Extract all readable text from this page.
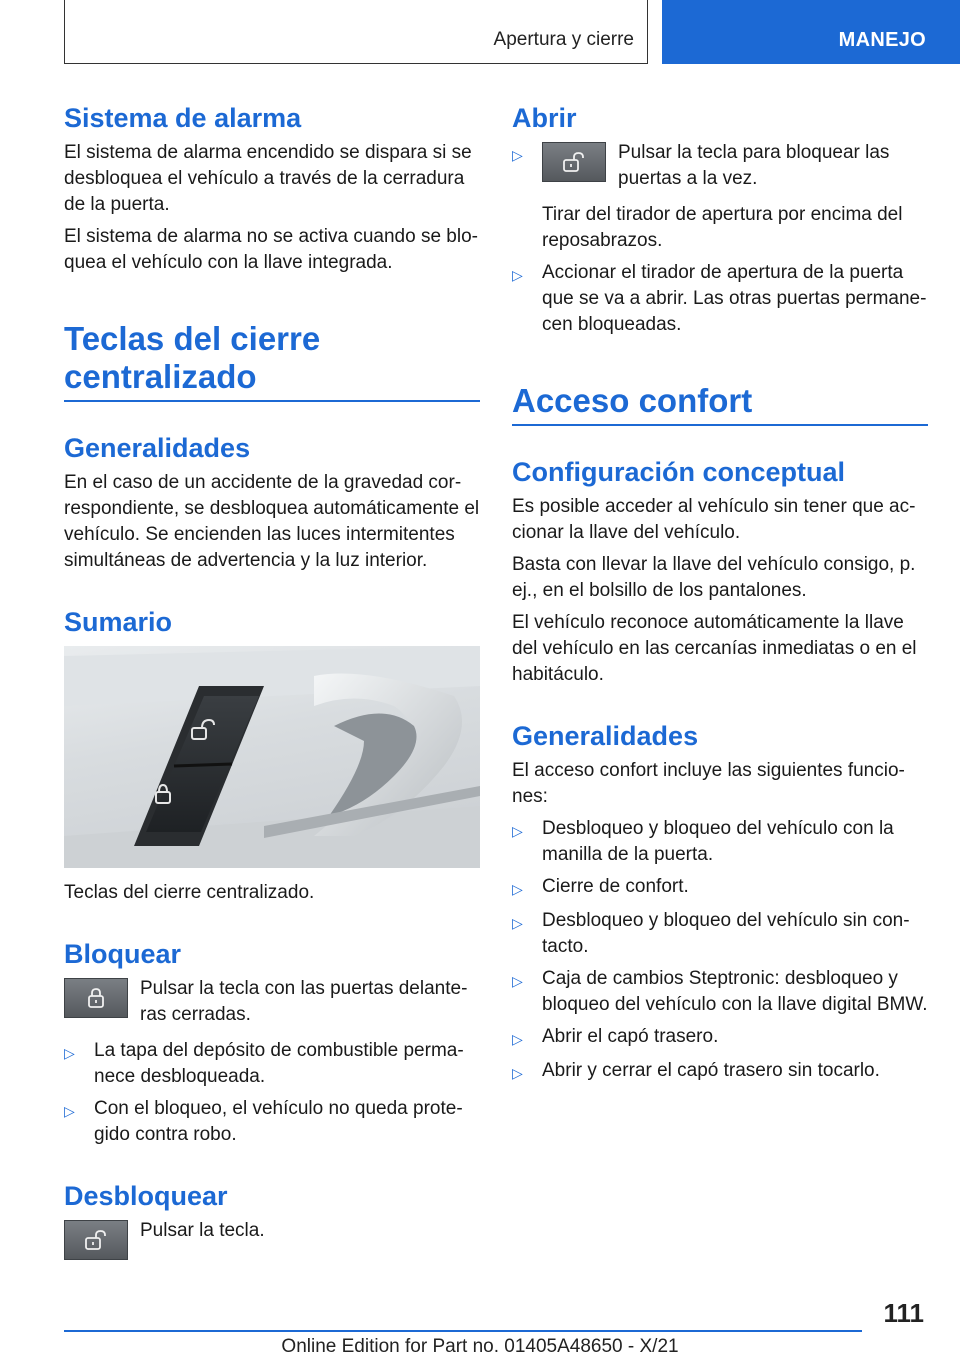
Apertura y cierre	MANEJO
Sistema de alarma

El sistema de alarma encendido se dispara si se desbloquea el vehículo a través de la cerradura de la puerta.

El sistema de alarma no se activa cuando se blo‐quea el vehículo con la llave integrada.

Teclas del cierre centralizado
Generalidades

En el caso de un accidente de la gravedad cor‐respondiente, se desbloquea automáticamente el vehículo. Se encienden las luces intermitentes simultáneas de advertencia y la luz interior.

Sumario

Teclas del cierre centralizado.

Bloquear
Pulsar la tecla con las puertas delante‐ras cerradas.
▷	La tapa del depósito de combustible perma‐nece desbloqueada.
▷	Con el bloqueo, el vehículo no queda prote‐gido contra robo.
Desbloquear
Pulsar la tecla.
Abrir
▷	Pulsar la tecla para bloquear las puertas a la vez.
Tirar del tirador de apertura por encima del reposabrazos.
▷	Accionar el tirador de apertura de la puerta que se va a abrir. Las otras puertas permane‐cen bloqueadas.
Acceso confort
Configuración conceptual

Es posible acceder al vehículo sin tener que ac‐cionar la llave del vehículo.

Basta con llevar la llave del vehículo consigo, p. ej., en el bolsillo de los pantalones.

El vehículo reconoce automáticamente la llave del vehículo en las cercanías inmediatas o en el habitáculo.

Generalidades

El acceso confort incluye las siguientes funcio‐nes:

▷	Desbloqueo y bloqueo del vehículo con la manilla de la puerta.
▷	Cierre de confort.
▷	Desbloqueo y bloqueo del vehículo sin con‐tacto.
▷	Caja de cambios Steptronic: desbloqueo y bloqueo del vehículo con la llave digital BMW.
▷	Abrir el capó trasero.
▷	Abrir y cerrar el capó trasero sin tocarlo.
111
Online Edition for Part no. 01405A48650 - X/21
